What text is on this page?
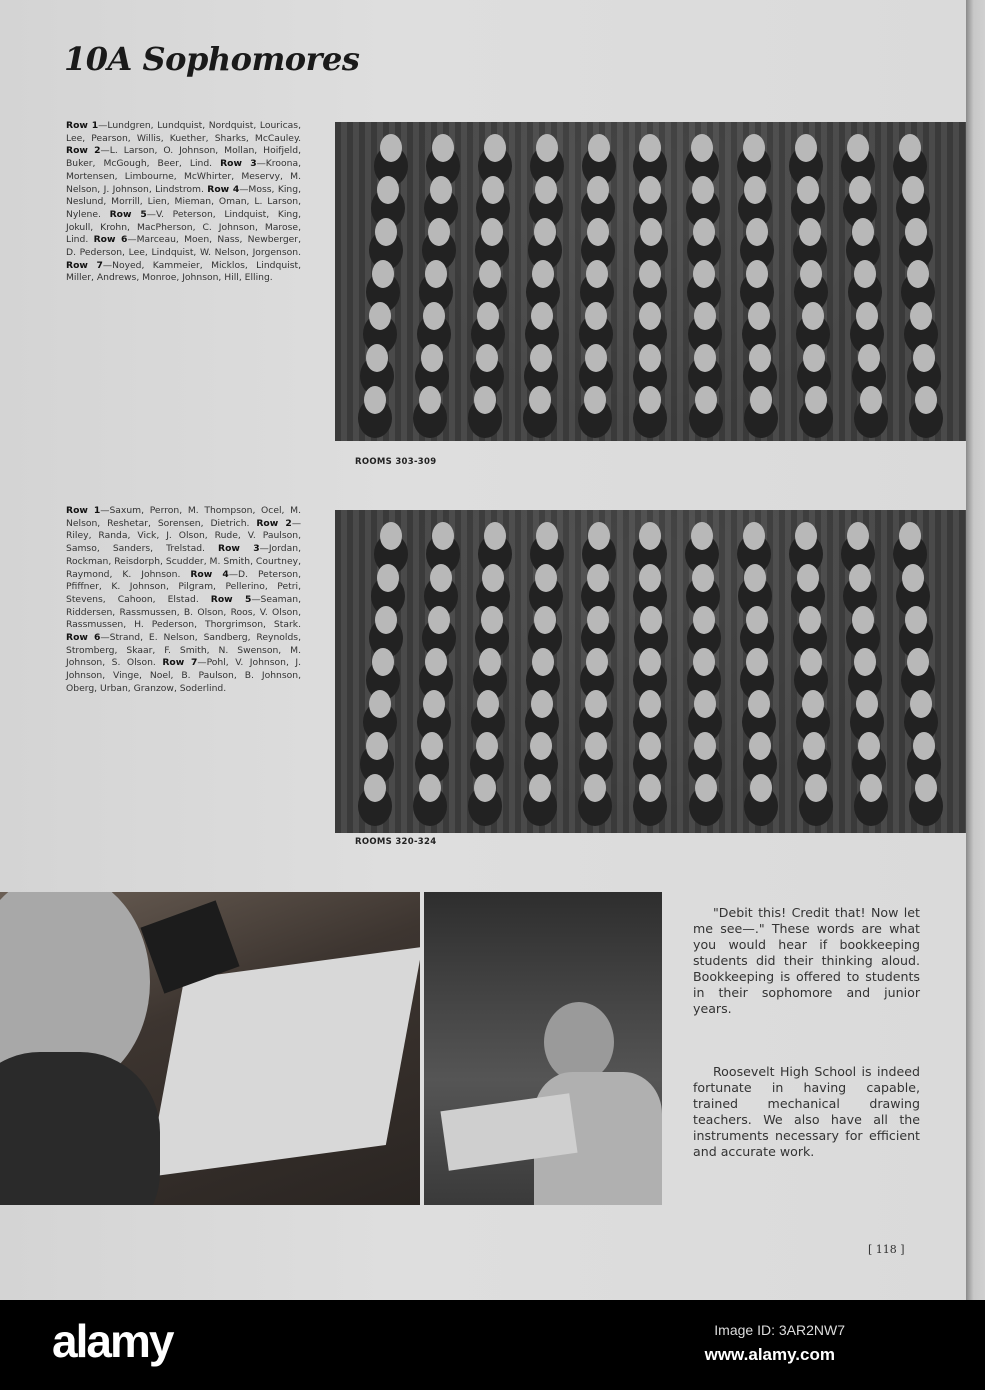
10A Sophomores
Row 1—Lundgren, Lundquist, Nordquist, Louricas, Lee, Pearson, Willis, Kuether, Sharks, McCauley. Row 2—L. Larson, O. Johnson, Mollan, Hoifjeld, Buker, McGough, Beer, Lind. Row 3—Kroona, Mortensen, Limbourne, McWhirter, Meservy, M. Nelson, J. Johnson, Lindstrom. Row 4—Moss, King, Neslund, Morrill, Lien, Mieman, Oman, L. Larson, Nylene. Row 5—V. Peterson, Lindquist, King, Jokull, Krohn, MacPherson, C. Johnson, Marose, Lind. Row 6—Marceau, Moen, Nass, Newberger, D. Pederson, Lee, Lindquist, W. Nelson, Jorgenson. Row 7—Noyed, Kammeier, Micklos, Lindquist, Miller, Andrews, Monroe, Johnson, Hill, Elling.
ROOMS 303-309
Row 1—Saxum, Perron, M. Thompson, Ocel, M. Nelson, Reshetar, Sorensen, Dietrich. Row 2—Riley, Randa, Vick, J. Olson, Rude, V. Paulson, Samso, Sanders, Trelstad. Row 3—Jordan, Rockman, Reisdorph, Scudder, M. Smith, Courtney, Raymond, K. Johnson. Row 4—D. Peterson, Pfiffner, K. Johnson, Pilgram, Pellerino, Petri, Stevens, Cahoon, Elstad. Row 5—Seaman, Riddersen, Rassmussen, B. Olson, Roos, V. Olson, Rassmussen, H. Pederson, Thorgrimson, Stark. Row 6—Strand, E. Nelson, Sandberg, Reynolds, Stromberg, Skaar, F. Smith, N. Swenson, M. Johnson, S. Olson. Row 7—Pohl, V. Johnson, J. Johnson, Vinge, Noel, B. Paulson, B. Johnson, Oberg, Urban, Granzow, Soderlind.
ROOMS 320-324
"Debit this! Credit that! Now let me see—." These words are what you would hear if bookkeeping students did their thinking aloud. Bookkeeping is offered to students in their sophomore and junior years.
Roosevelt High School is indeed fortunate in having capable, trained mechanical drawing teachers. We also have all the instruments necessary for efficient and accurate work.
[ 118 ]
alamy	Image ID: 3AR2NW7
www.alamy.com
